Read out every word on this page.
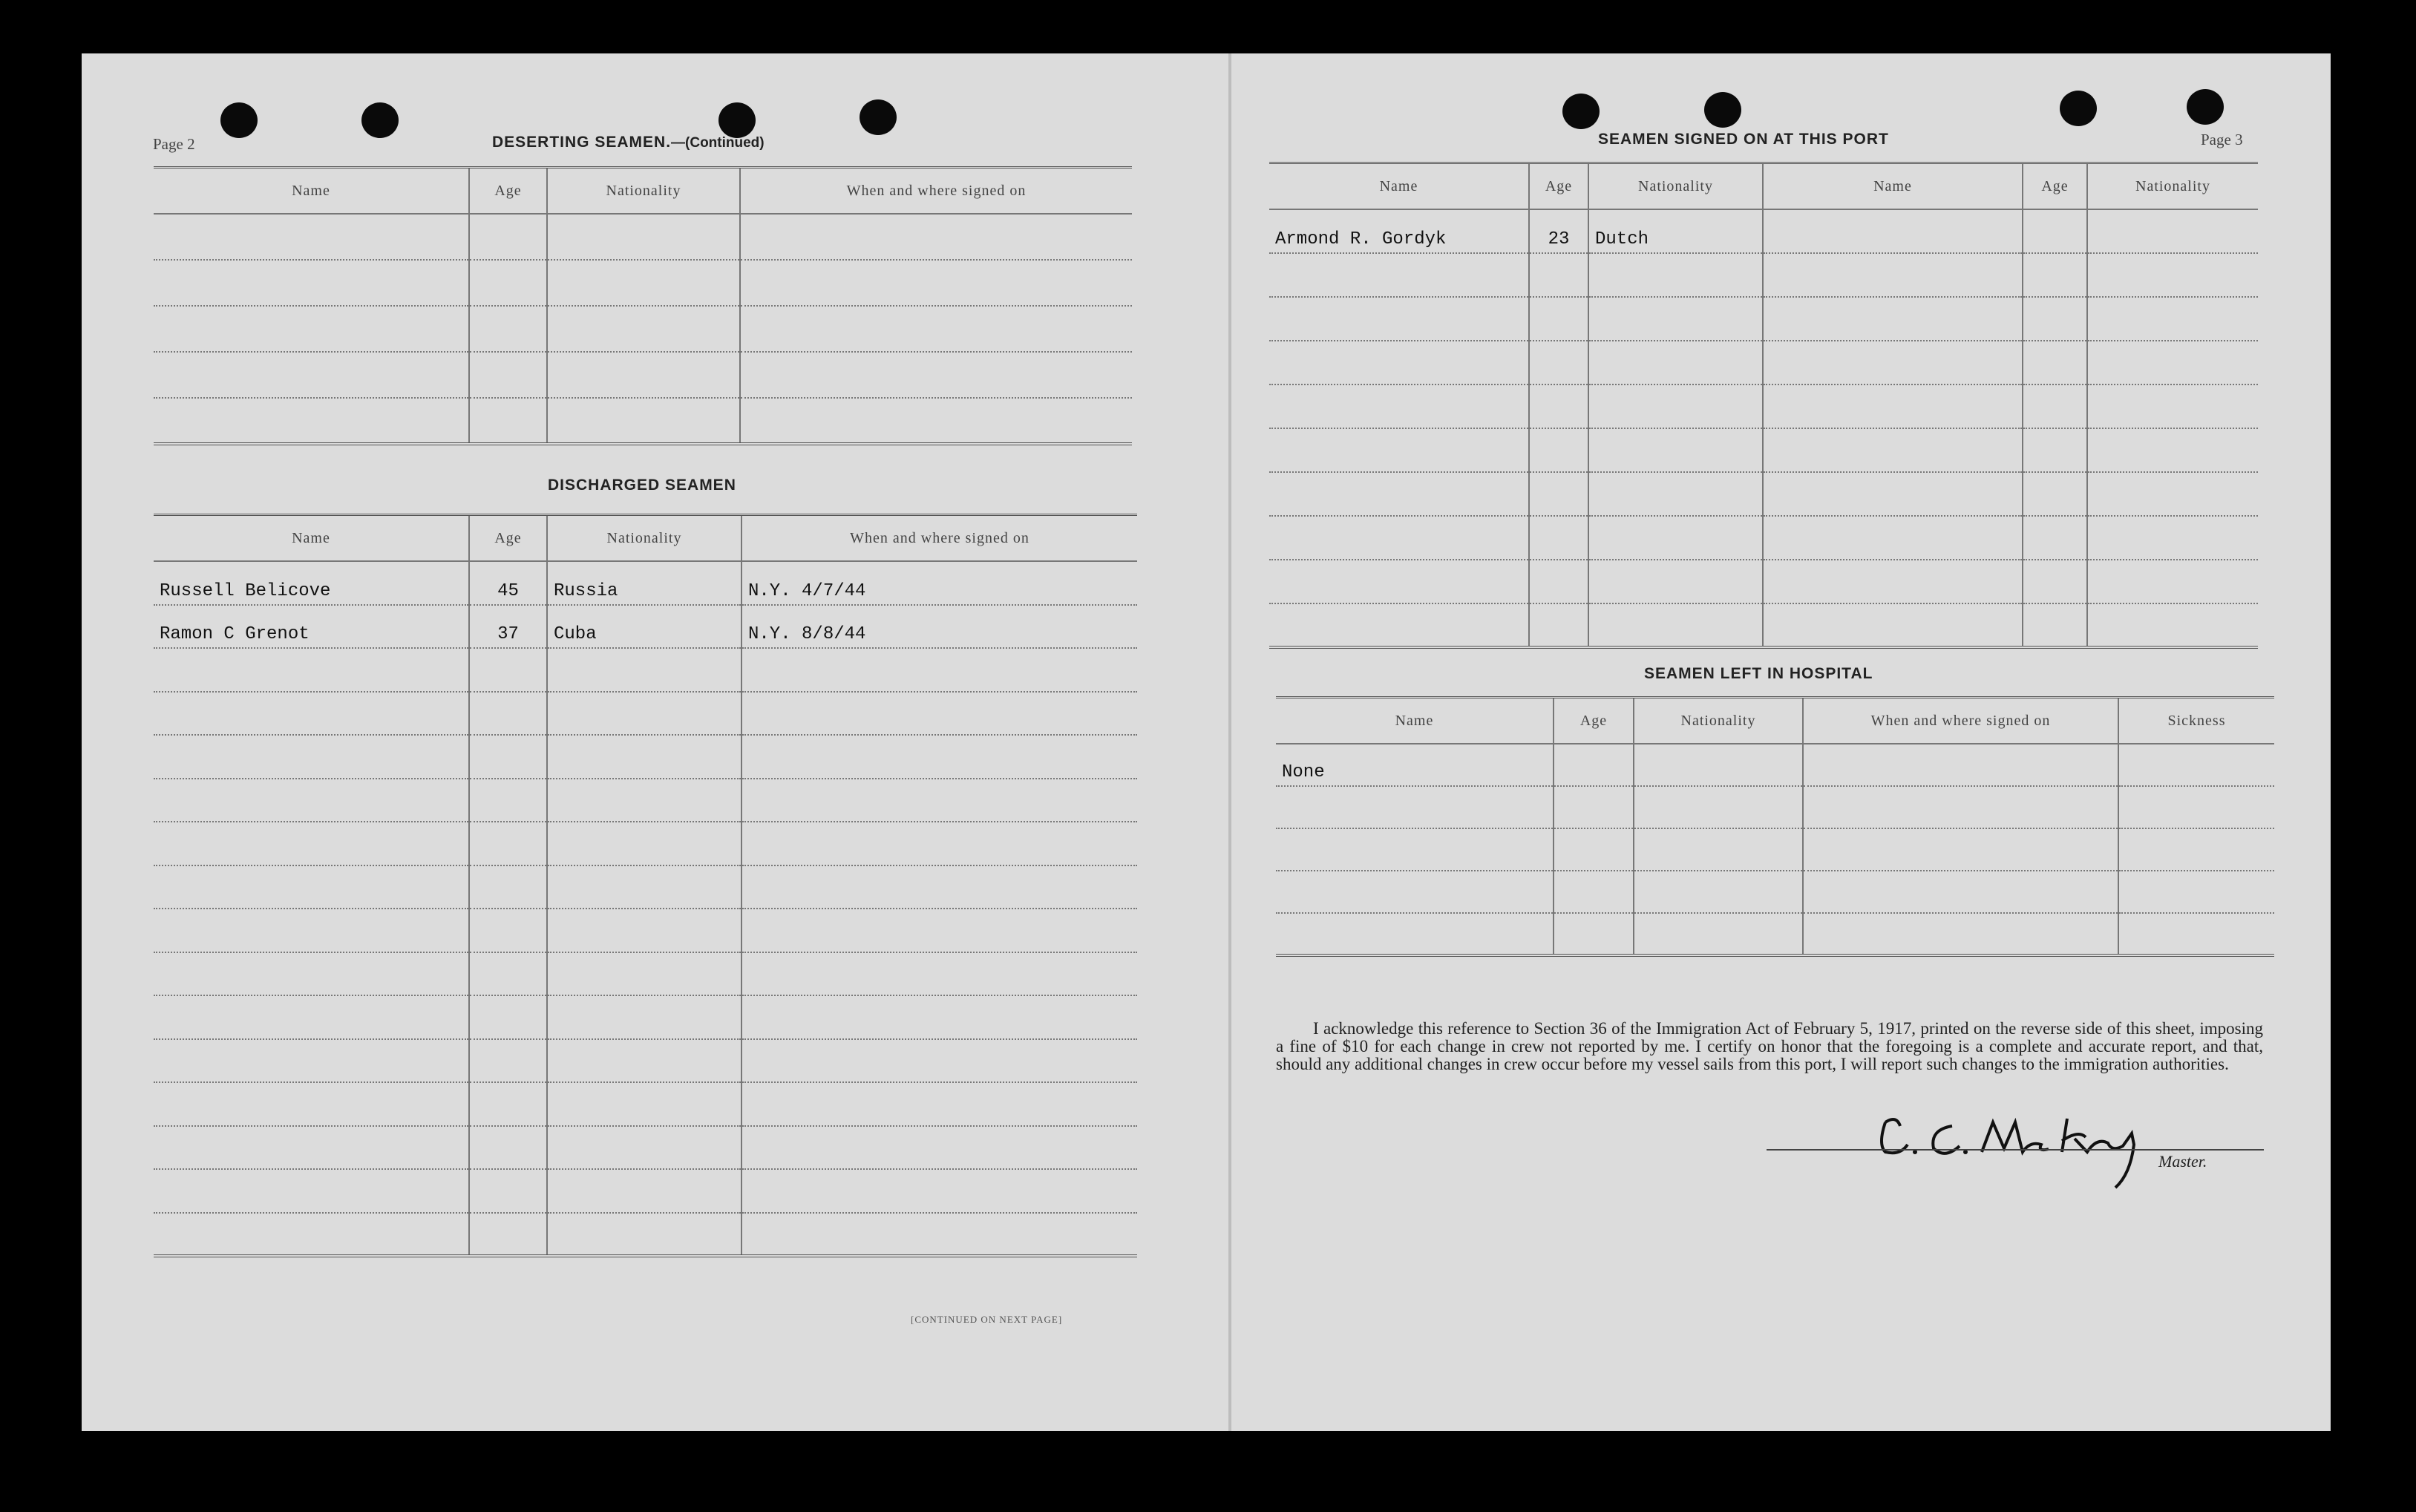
Page 2	DESERTING SEAMEN.—(Continued)
Name	Age	Nationality	When and where signed on

DISCHARGED SEAMEN
Name	Age	Nationality	When and where signed on
Russell Belicove	45	Russia	N.Y. 4/7/44
Ramon C Grenot	37	Cuba	N.Y. 8/8/44

[CONTINUED ON NEXT PAGE]
SEAMEN SIGNED ON AT THIS PORT	Page 3
Name	Age	Nationality	Name	Age	Nationality
Armond R. Gordyk	23	Dutch			

SEAMEN LEFT IN HOSPITAL
Name	Age	Nationality	When and where signed on	Sickness
None				

I acknowledge this reference to Section 36 of the Immigration Act of February 5, 1917, printed on the reverse side of this sheet, imposing a fine of $10 for each change in crew not reported by me. I certify on honor that the foregoing is a complete and accurate report, and that, should any additional changes in crew occur before my vessel sails from this port, I will report such changes to the immigration authorities.
Master.
